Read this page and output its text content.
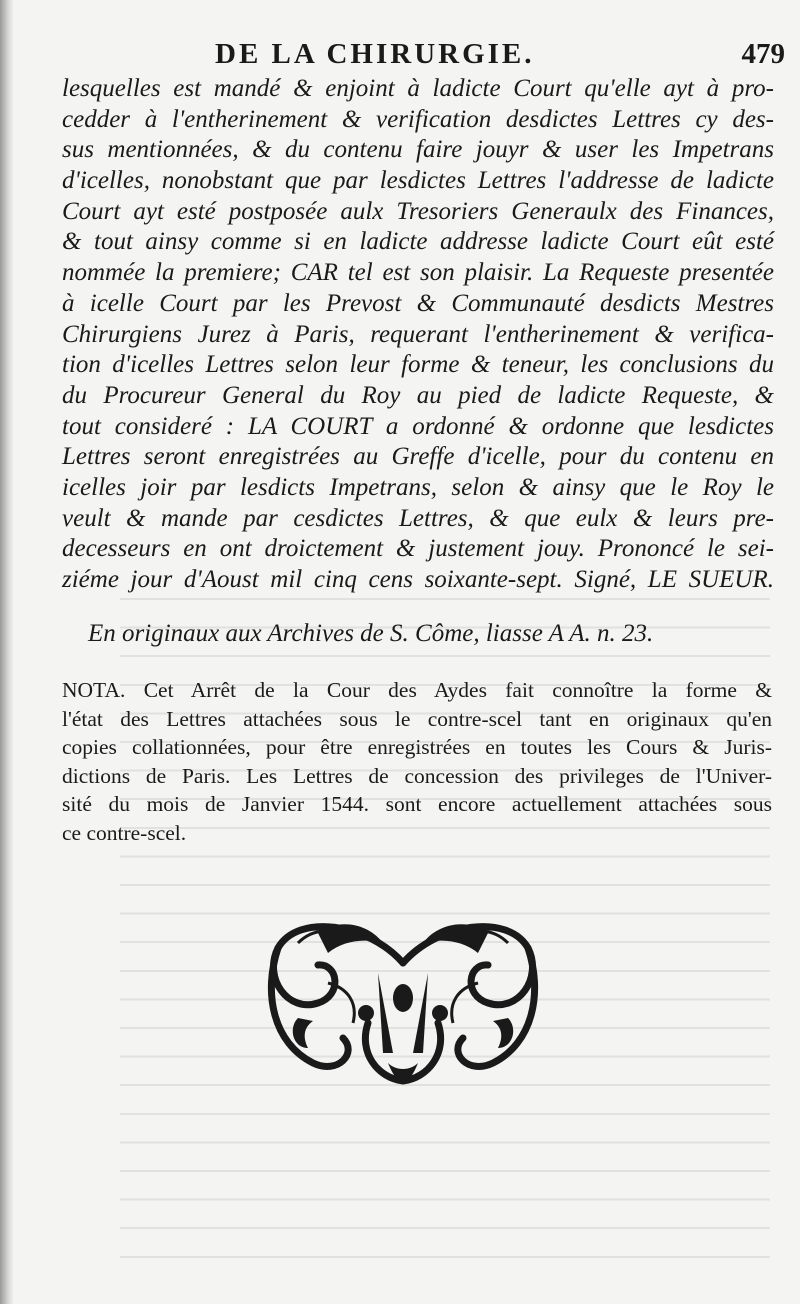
DE LA CHIRURGIE.	479
lesquelles est mandé & enjoint à ladicte Court qu'elle ayt à pro-
cedder à l'entherinement & verification desdictes Lettres cy des-
sus mentionnées, & du contenu faire jouyr & user les Impetrans
d'icelles, nonobstant que par lesdictes Lettres l'addresse de ladicte
Court ayt esté postposée aulx Tresoriers Generaulx des Finances,
& tout ainsy comme si en ladicte addresse ladicte Court eût esté
nommée la premiere; CAR tel est son plaisir. La Requeste presentée
à icelle Court par les Prevost & Communauté desdicts Mestres
Chirurgiens Jurez à Paris, requerant l'entherinement & verifica-
tion d'icelles Lettres selon leur forme & teneur, les conclusions du
du Procureur General du Roy au pied de ladicte Requeste, &
tout consideré : LA COURT a ordonné & ordonne que lesdictes
Lettres seront enregistrées au Greffe d'icelle, pour du contenu en
icelles joir par lesdicts Impetrans, selon & ainsy que le Roy le
veult & mande par cesdictes Lettres, & que eulx & leurs pre-
decesseurs en ont droictement & justement jouy. Prononcé le sei-
ziéme jour d'Aoust mil cinq cens soixante-sept. Signé, LE SUEUR.
En originaux aux Archives de S. Côme, liasse A A. n. 23.
NOTA. Cet Arrêt de la Cour des Aydes fait connoître la forme &
l'état des Lettres attachées sous le contre-scel tant en originaux qu'en
copies collationnées, pour être enregistrées en toutes les Cours & Juris-
dictions de Paris. Les Lettres de concession des privileges de l'Univer-
sité du mois de Janvier 1544. sont encore actuellement attachées sous
ce contre-scel.
